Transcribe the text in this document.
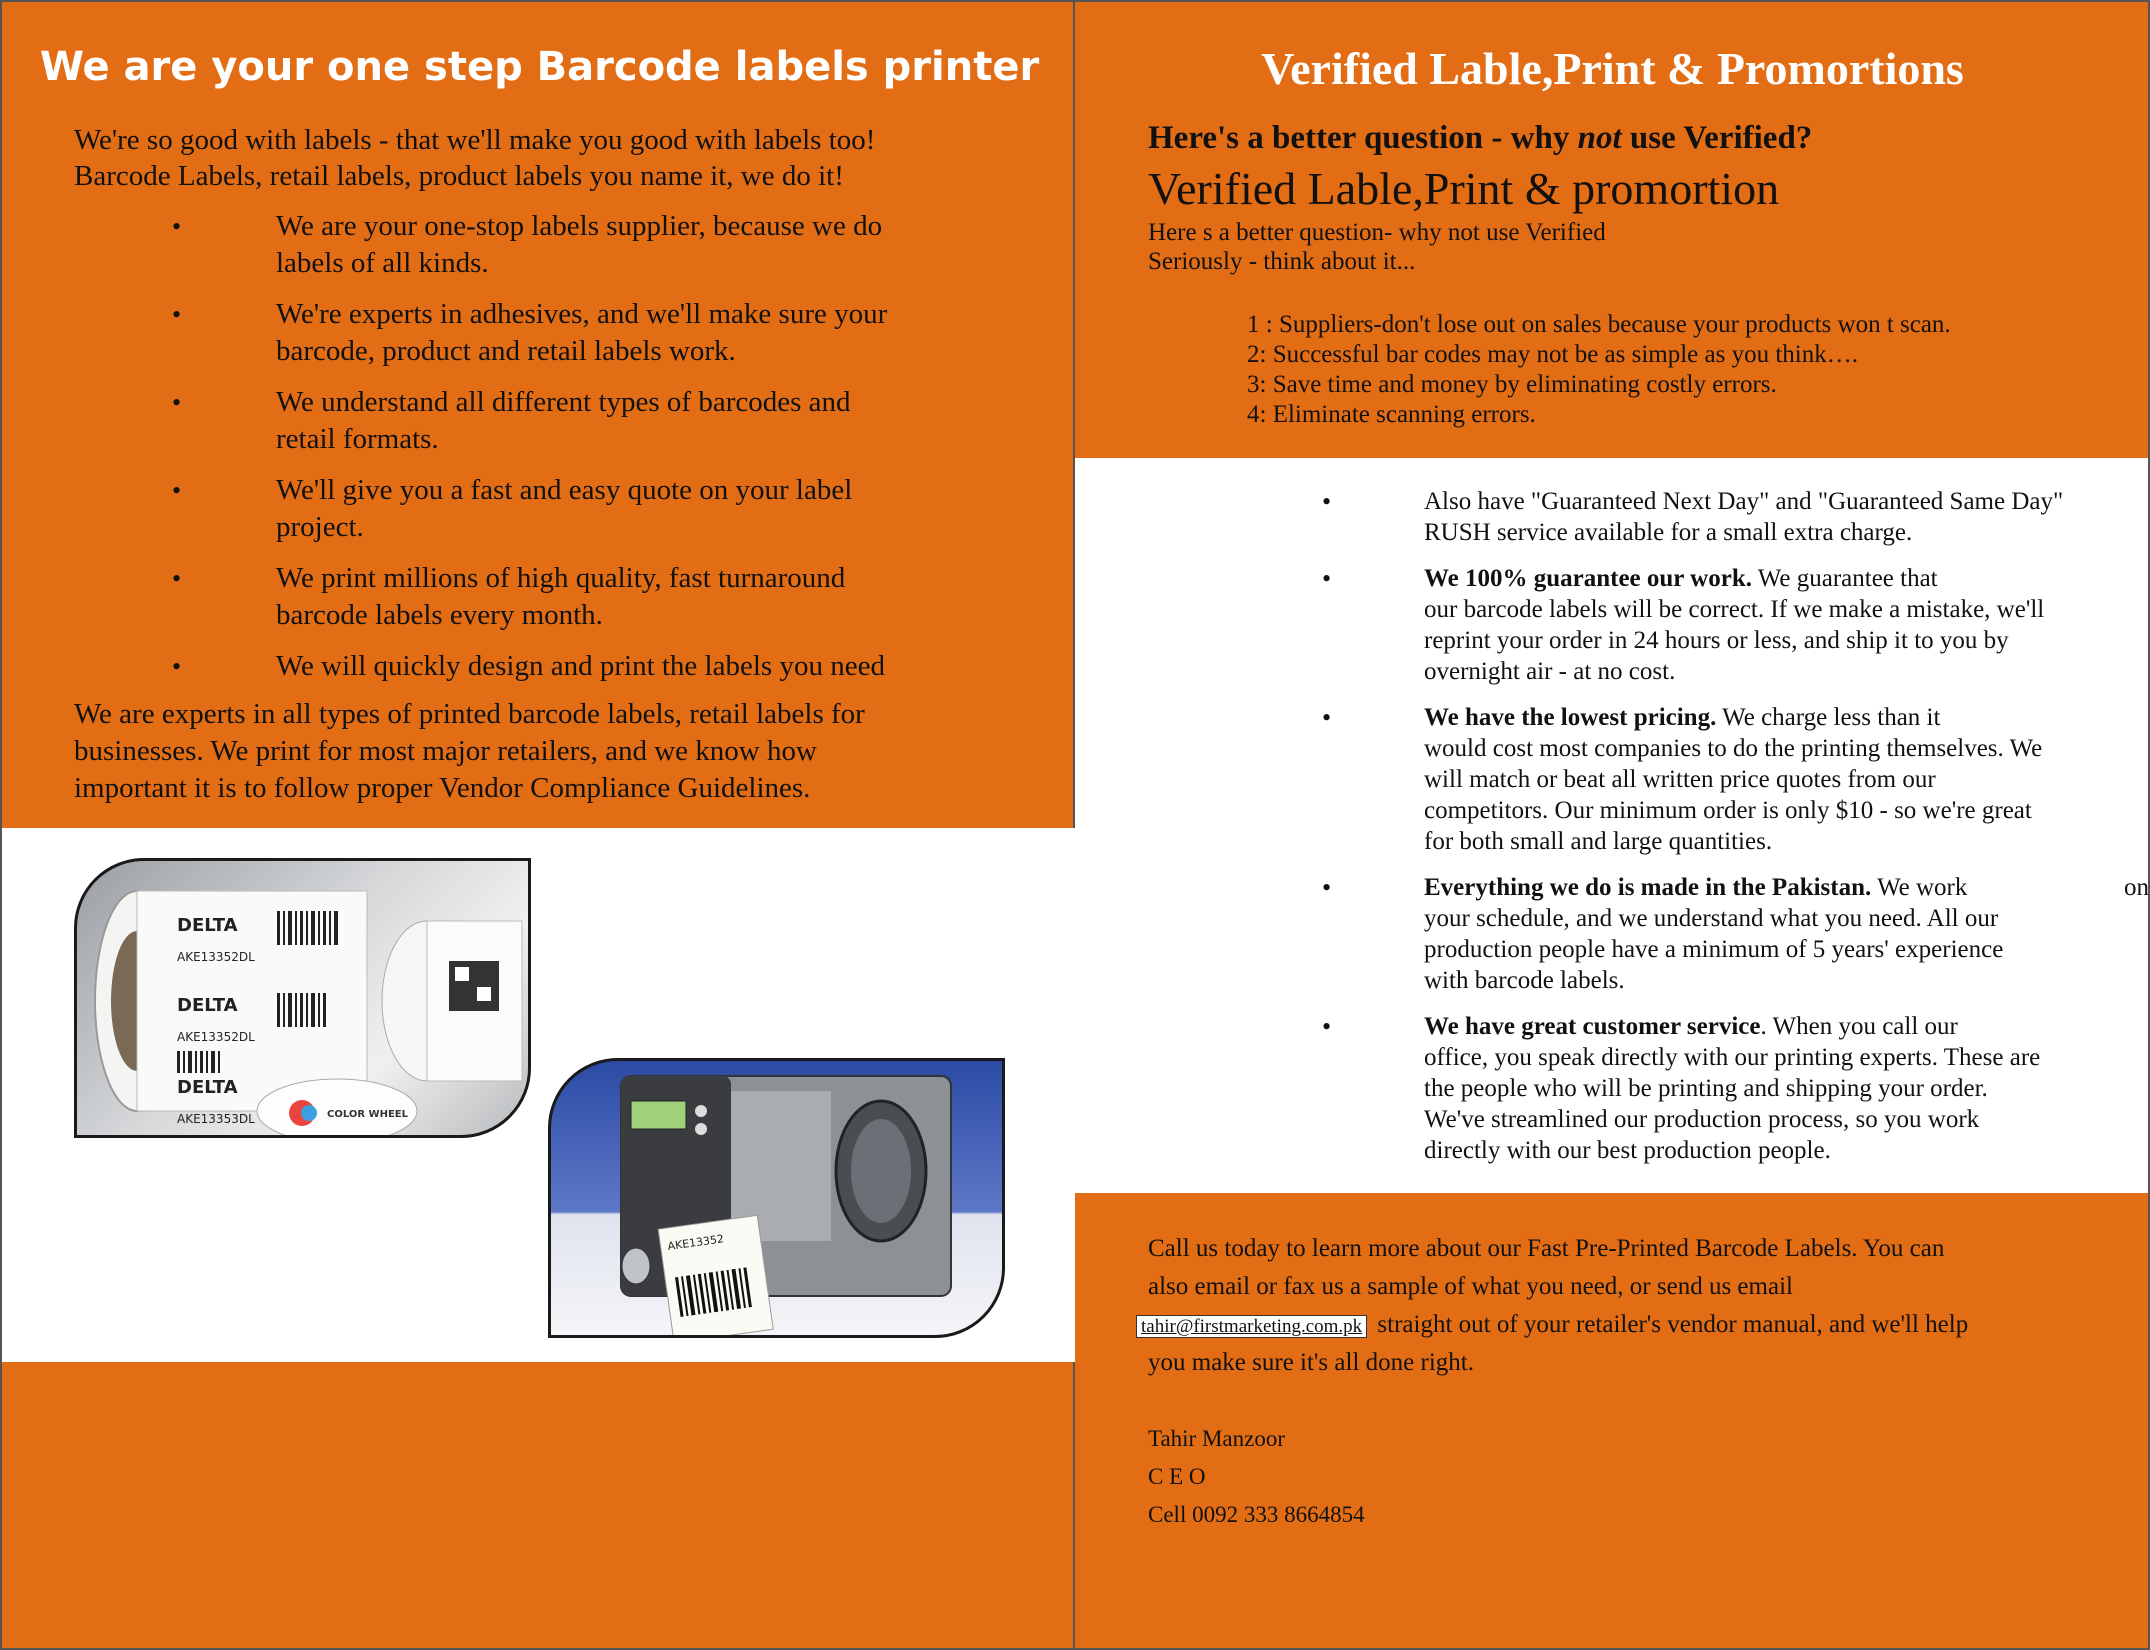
We are your one step Barcode labels printer
We're so good with labels - that we'll make you good with labels too!
Barcode Labels, retail labels, product labels you name it, we do it!
•	We are your one-stop labels supplier, because we do
labels of all kinds.
•	We're experts in adhesives, and we'll make sure your
barcode, product and retail labels work.
•	We understand all different types of barcodes and
retail formats.
•	We'll give you a fast and easy quote on your label
project.
•	We print millions of high quality, fast turnaround
barcode labels every month.
•	We will quickly design and print the labels you need
We are experts in all types of printed barcode labels, retail labels for
businesses. We print for most major retailers, and we know how
important it is to follow proper Vendor Compliance Guidelines.
DELTA
AKE13352DL
DELTA
AKE13352DL
DELTA
AKE13353DL	COLOR WHEEL
AKE13352
Verified Lable,Print & Promortions
Here's a better question - why not use Verified?
Verified Lable,Print & promortion
Here s a better question- why not use Verified
Seriously - think about it...
1 : Suppliers-don't lose out on sales because your products won t scan.
2: Successful bar codes may not be as simple as you think….
3: Save time and money by eliminating costly errors.
4: Eliminate scanning errors.
•	Also have "Guaranteed Next Day" and "Guaranteed Same Day"
RUSH service available for a small extra charge.
•	We 100% guarantee our work. We guarantee that
our barcode labels will be correct. If we make a mistake, we'll
reprint your order in 24 hours or less, and ship it to you by
overnight air - at no cost.
•	We have the lowest pricing. We charge less than it
would cost most companies to do the printing themselves. We
will match or beat all written price quotes from our
competitors. Our minimum order is only $10 - so we're great
for both small and large quantities.
•	Everything we do is made in the Pakistan. We work	on
your schedule, and we understand what you need. All our
production people have a minimum of 5 years' experience
with barcode labels.
•	We have great customer service. When you call our
office, you speak directly with our printing experts. These are
the people who will be printing and shipping your order.
We've streamlined our production process, so you work
directly with our best production people.
Call us today to learn more about our Fast Pre-Printed Barcode Labels. You can
also email or fax us a sample of what you need, or send us email
tahir@firstmarketing.com.pk straight out of your retailer's vendor manual, and we'll help
you make sure it's all done right.
Tahir Manzoor
C E O
Cell 0092 333 8664854
